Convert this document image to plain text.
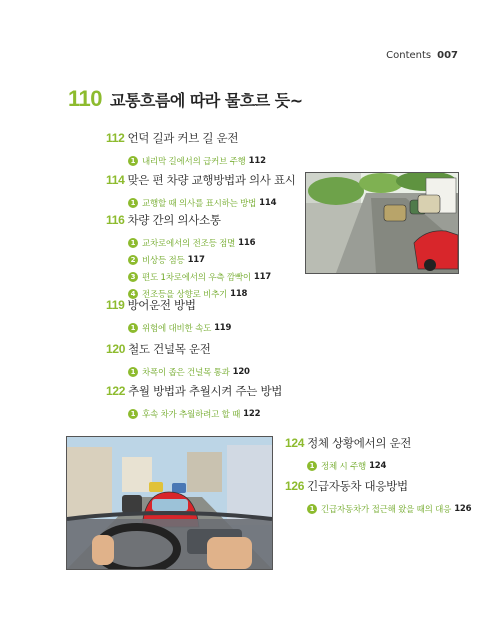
Contents 007
110 교통흐름에 따라 물흐르 듯~
112 언덕 길과 커브 길 운전
1 내리막 길에서의 급커브 주행 112
114 맞은 편 차량 교행방법과 의사 표시
1 교행할 때 의사를 표시하는 방법 114
116 차량 간의 의사소통
1 교차로에서의 전조등 점멸 116
2 비상등 점등 117
3 편도 1차로에서의 우측 깜빡이 117
4 전조등을 상향로 비추기 118
119 방어운전 방법
1 위험에 대비한 속도 119
120 철도 건널목 운전
1 차폭이 좁은 건널목 통과 120
122 추월 방법과 추월시켜 주는 방법
1 후속 차가 추월하려고 할 때 122
124 정체 상황에서의 운전
1 정체 시 주행 124
126 긴급자동차 대응방법
1 긴급자동차가 접근해 왔을 때의 대응 126
